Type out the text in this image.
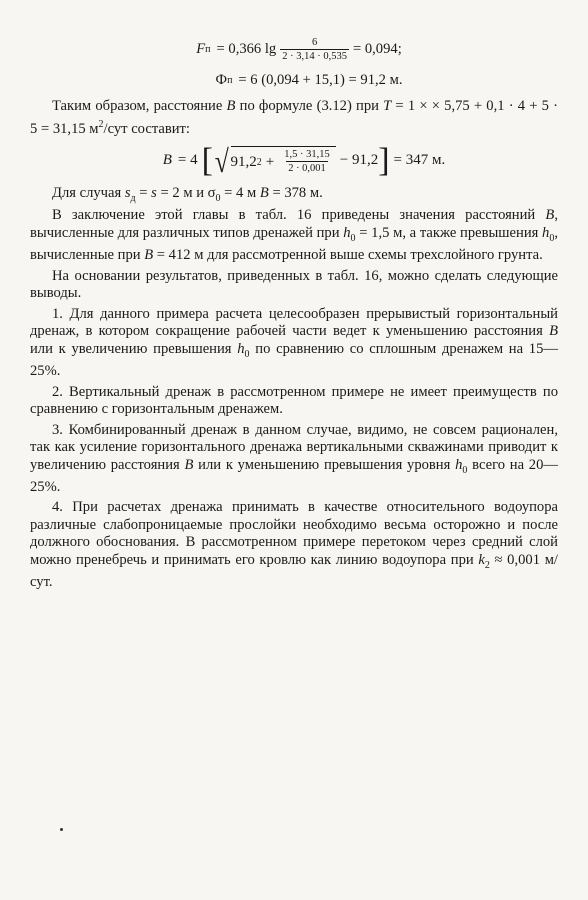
F п = 0,366 $\lg \frac{6}{2 \cdot 3,14 \cdot 0,535} = 0,094$;
Ф п = 6 (0,094 + 15,1) = 91,2 м.

Таким образом, расстояние B по формуле (3.12) при T = 1 × × 5,75 + 0,1 · 4 + 5 · 5 = 31,15 $м^2$/сут составит:

B = 4 [ √ 91,2 $2 + \frac{1,5 \cdot 31,15}{2 \cdot 0,001} - 91,2$ ] = 347 м.

Для случая $s_д = s = 2$ м и $\sigma_0 = 4$ м B = 378 м.

В заключение этой главы в табл. 16 приведены значения расстояний B, вычисленные для различных типов дренажей при $h_0 = 1,5$ м, а также превышения $h_0$, вычисленные при B = 412 м для рассмотренной выше схемы трехслойного грунта.

На основании результатов, приведенных в табл. 16, можно сделать следующие выводы.

1. Для данного примера расчета целесообразен прерывистый горизонтальный дренаж, в котором сокращение рабочей части ведет к уменьшению расстояния B или к увеличению превышения $h_0$ по сравнению со сплошным дренажем на 15—25%.

2. Вертикальный дренаж в рассмотренном примере не имеет преимуществ по сравнению с горизонтальным дренажем.

3. Комбинированный дренаж в данном случае, видимо, не совсем рационален, так как усиление горизонтального дренажа вертикальными скважинами приводит к увеличению расстояния B или к уменьшению превышения уровня $h_0$ всего на 20—25%.

4. При расчетах дренажа принимать в качестве относительного водоупора различные слабопроницаемые прослойки необходимо весьма осторожно и после должного обоснования. В рассмотренном примере перетоком через средний слой можно пренебречь и принимать его кровлю как линию водоупора при $k_2 \approx 0,001$ м/сут.
